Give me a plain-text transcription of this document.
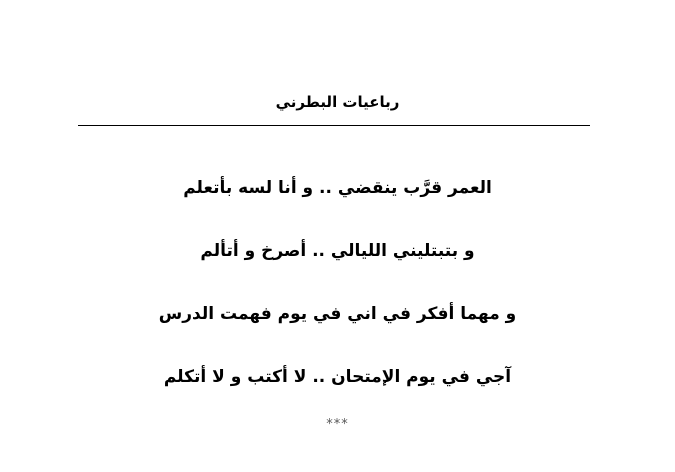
رباعيات البطرني
العمر قرَّب ينقضي .. و أنا لسه بأتعلم
و بتبتليني الليالي .. أصرخ و أتألم
و مهما أفكر في اني في يوم فهمت الدرس
آجي في يوم الإمتحان .. لا أكتب و لا أتكلم
***
